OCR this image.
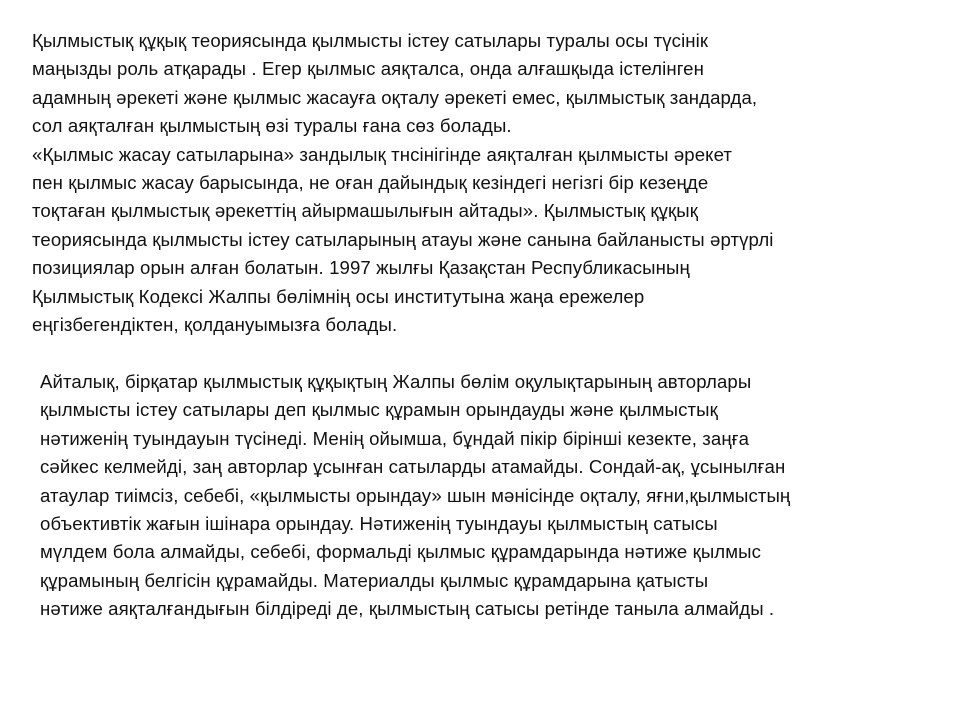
Қылмыстық құқық теориясында қылмысты істеу сатылары туралы осы түсінік
маңызды роль атқарады . Егер қылмыс аяқталса, онда алғашқыда істелінген
адамның әрекеті және қылмыс жасауға оқталу әрекеті емес, қылмыстық зандарда,
сол аяқталған қылмыстың өзі туралы ғана сөз болады.
«Қылмыс жасау сатыларына» зандылық тнсінігінде аяқталған қылмысты әрекет
пен қылмыс жасау барысында, не оған дайындық кезіндегі негізгі бір кезеңде
тоқтаған қылмыстық әрекеттің айырмашылығын айтады». Қылмыстық құқық
теориясында қылмысты істеу сатыларының атауы және санына байланысты әртүрлі
позициялар орын алған болатын. 1997 жылғы Қазақстан Республикасының
Қылмыстық Кодексі Жалпы бөлімнің осы институтына жаңа ережелер
еңгізбегендіктен, қолдануымызға болады.

Айталық, бірқатар қылмыстық құқықтың Жалпы бөлім оқулықтарының авторлары
қылмысты істеу сатылары деп қылмыс құрамын орындауды және қылмыстық
нәтиженің туындауын түсінеді. Менің ойымша, бұндай пікір бірінші кезекте, заңға
сәйкес келмейді, заң авторлар ұсынған сатыларды атамайды. Сондай-ақ, ұсынылған
атаулар тиімсіз, себебі, «қылмысты орындау» шын мәнісінде оқталу, яғни,қылмыстың
объективтік жағын ішінара орындау. Нәтиженің туындауы қылмыстың сатысы
мүлдем бола алмайды, себебі, формальді қылмыс құрамдарында нәтиже қылмыс
құрамының белгісін құрамайды. Материалды қылмыс құрамдарына қатысты
нәтиже аяқталғандығын білдіреді де, қылмыстың сатысы ретінде танылa алмайды .
